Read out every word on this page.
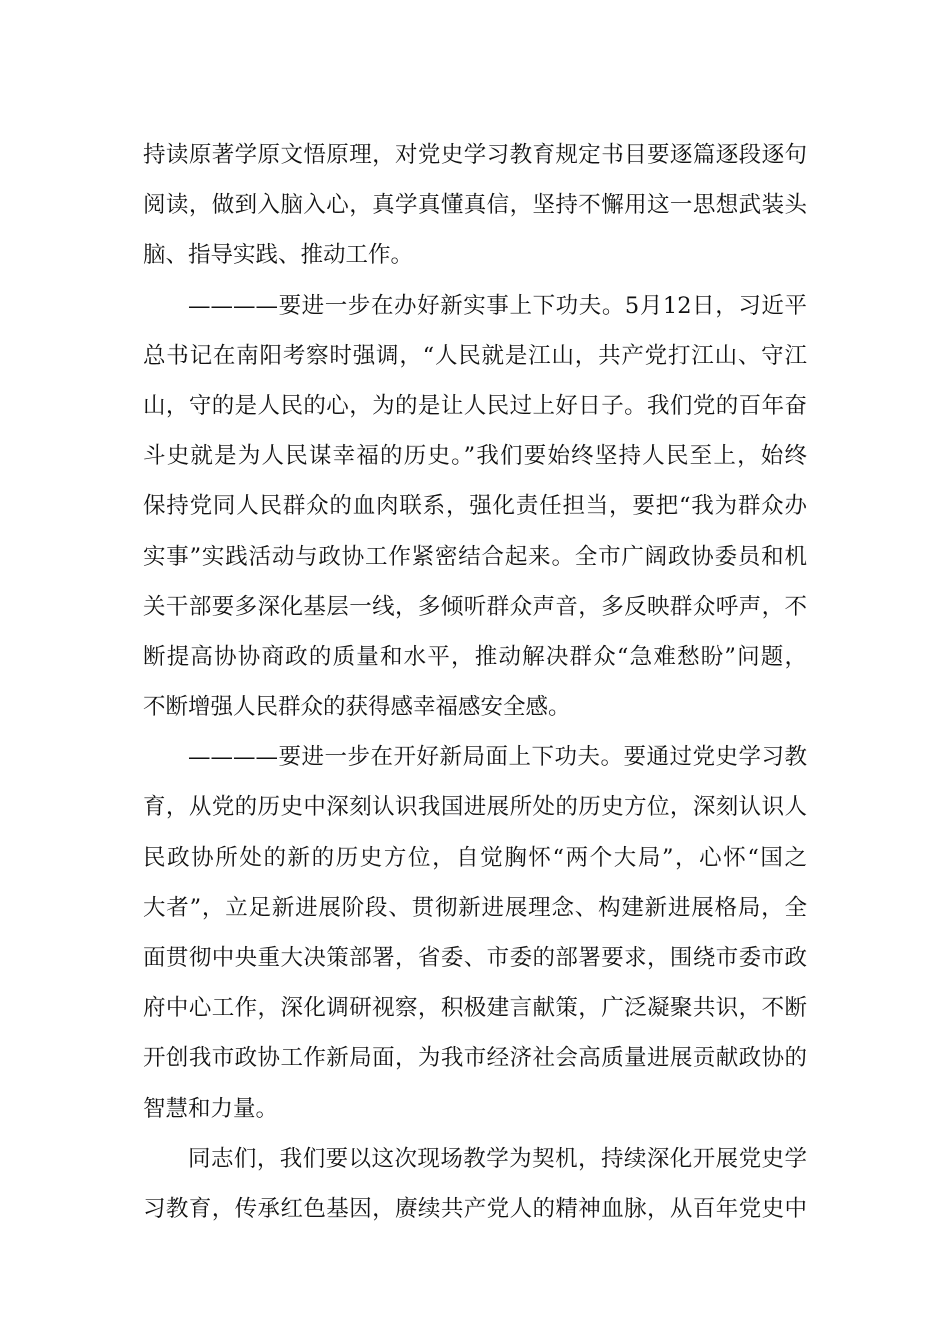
持读原著学原文悟原理，对党史学习教育规定书目要逐篇逐段逐句
阅读，做到入脑入心，真学真懂真信，坚持不懈用这一思想武装头
脑、指导实践、推动工作。
————要进一步在办好新实事上下功夫。5月12日，习近平
总书记在南阳考察时强调，“人民就是江山，共产党打江山、守江
山，守的是人民的心，为的是让人民过上好日子。我们党的百年奋
斗史就是为人民谋幸福的历史。”我们要始终坚持人民至上，始终
保持党同人民群众的血肉联系，强化责任担当，要把“我为群众办
实事”实践活动与政协工作紧密结合起来。全市广阔政协委员和机
关干部要多深化基层一线，多倾听群众声音，多反映群众呼声，不
断提高协协商政的质量和水平，推动解决群众“急难愁盼”问题，
不断增强人民群众的获得感幸福感安全感。
————要进一步在开好新局面上下功夫。要通过党史学习教
育，从党的历史中深刻认识我国进展所处的历史方位，深刻认识人
民政协所处的新的历史方位，自觉胸怀“两个大局”，心怀“国之
大者”，立足新进展阶段、贯彻新进展理念、构建新进展格局，全
面贯彻中央重大决策部署，省委、市委的部署要求，围绕市委市政
府中心工作，深化调研视察，积极建言献策，广泛凝聚共识，不断
开创我市政协工作新局面，为我市经济社会高质量进展贡献政协的
智慧和力量。
同志们，我们要以这次现场教学为契机，持续深化开展党史学
习教育，传承红色基因，赓续共产党人的精神血脉，从百年党史中
